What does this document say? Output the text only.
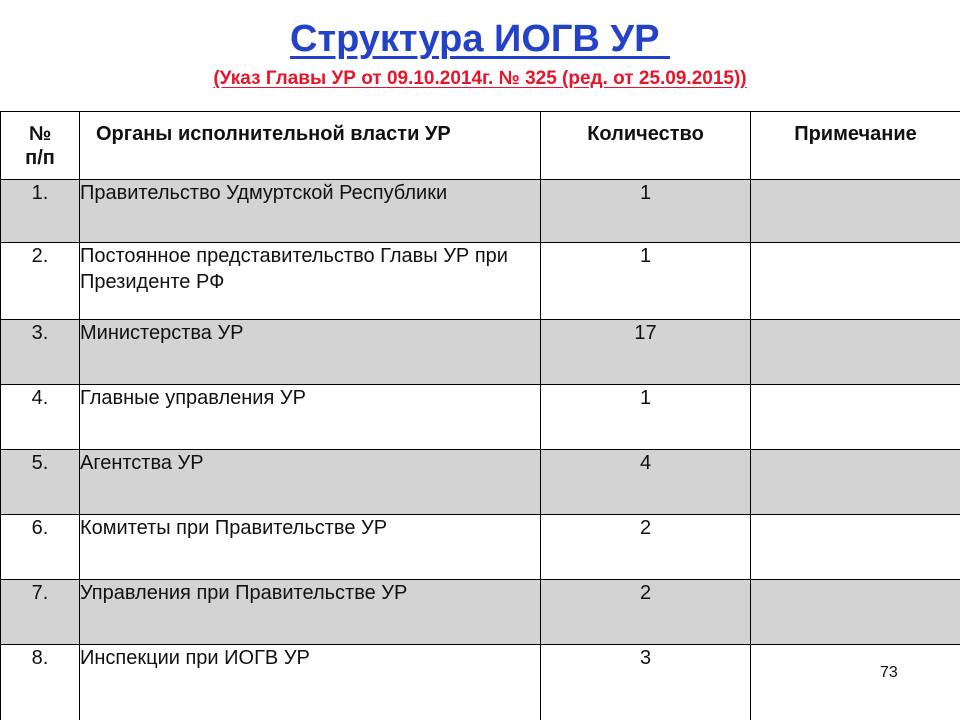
Структура ИОГВ УР
(Указ Главы УР от 09.10.2014г. № 325 (ред. от 25.09.2015))
№
п/п	Органы исполнительной власти УР	Количество	Примечание
1.	Правительство Удмуртской Республики	1	
2.	Постоянное представительство Главы УР при Президенте РФ	1	
3.	Министерства УР	17	
4.	Главные управления УР	1	
5.	Агентства УР	4	
6.	Комитеты при Правительстве УР	2	
7.	Управления при Правительстве УР	2	
8.	Инспекции при ИОГВ УР	3	
73
